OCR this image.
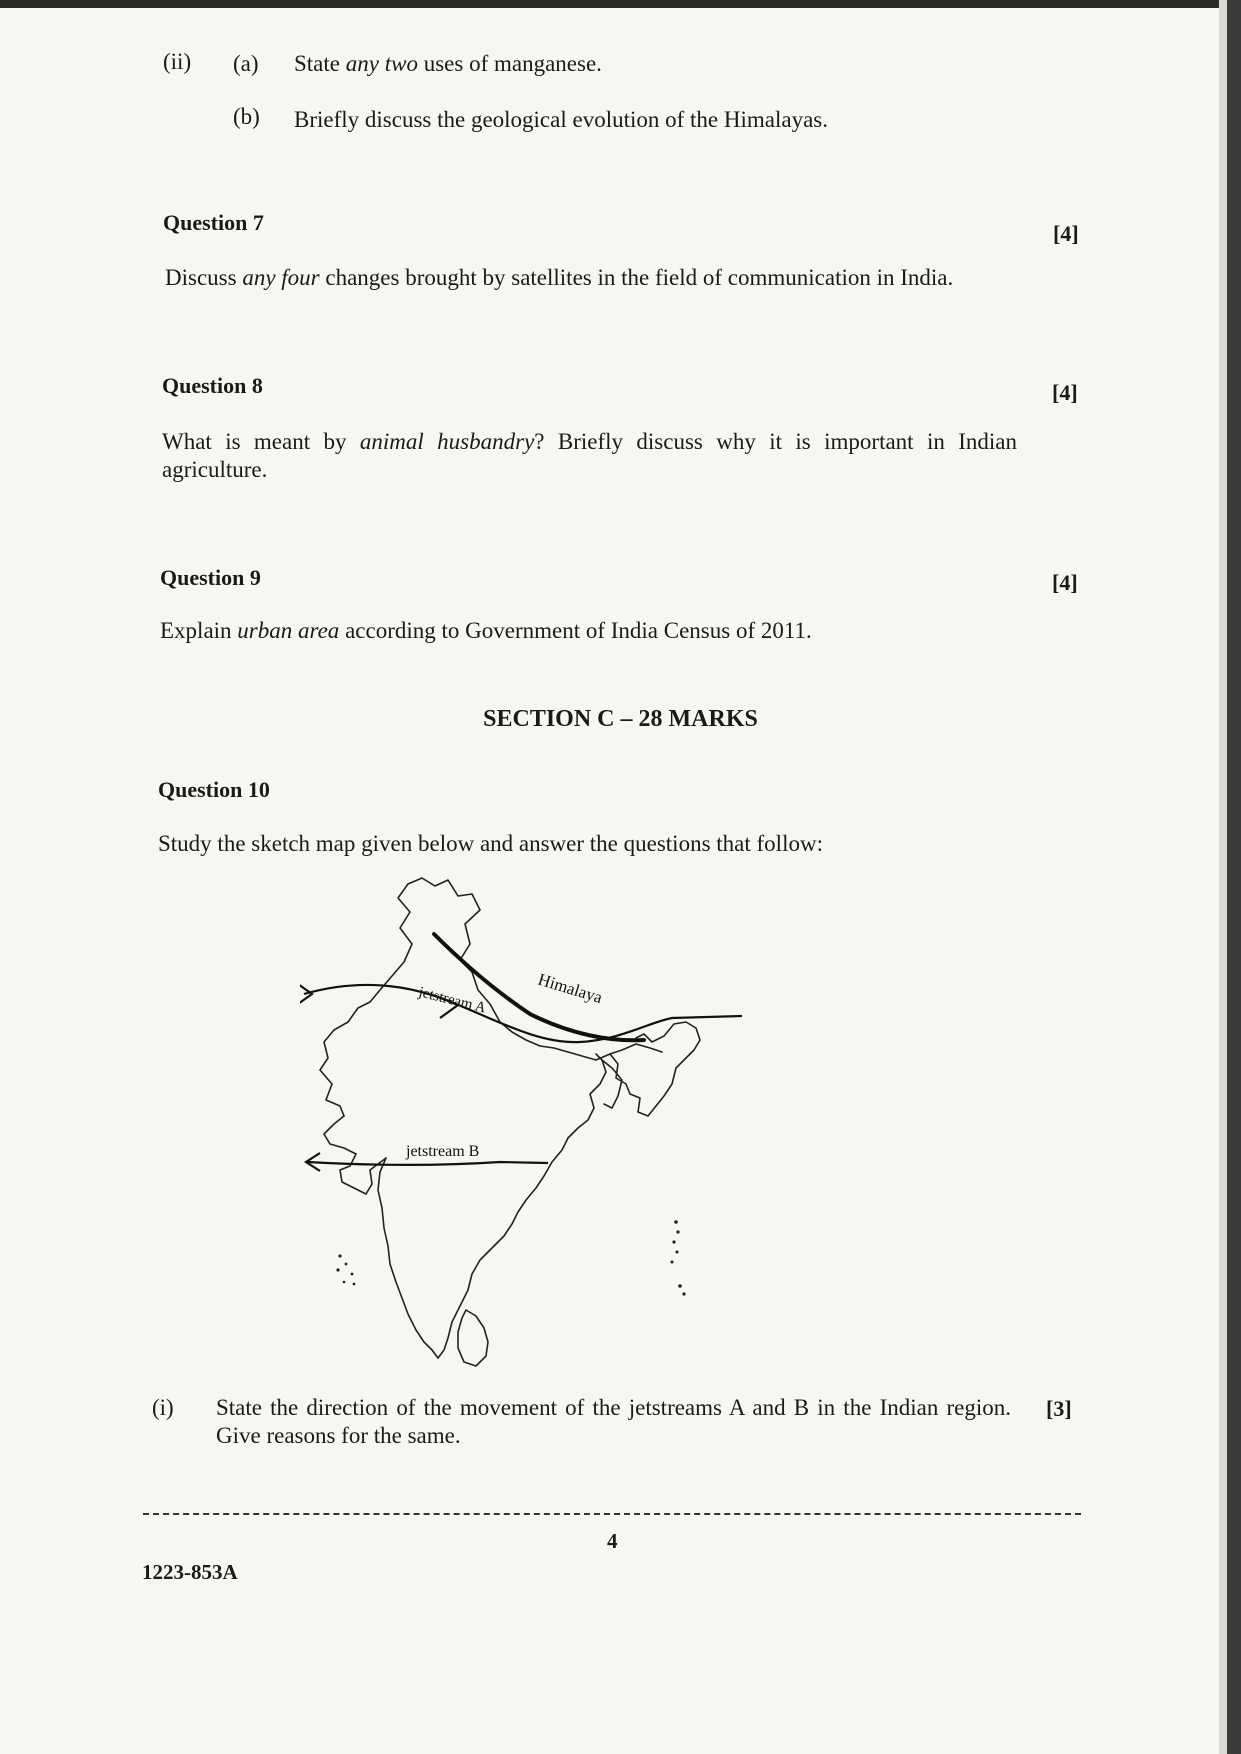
(ii) (a) State any two uses of manganese.
(b) Briefly discuss the geological evolution of the Himalayas.
Question 7	[4]
Discuss any four changes brought by satellites in the field of communication in India.
Question 8	[4]
What is meant by animal husbandry? Briefly discuss why it is important in Indian agriculture.
Question 9	[4]
Explain urban area according to Government of India Census of 2011.
SECTION C – 28 MARKS
Question 10
Study the sketch map given below and answer the questions that follow:
Himalaya
jetstream A
jetstream B
(i) State the direction of the movement of the jetstreams A and B in the Indian region. Give reasons for the same.
[3]
4
1223-853A
